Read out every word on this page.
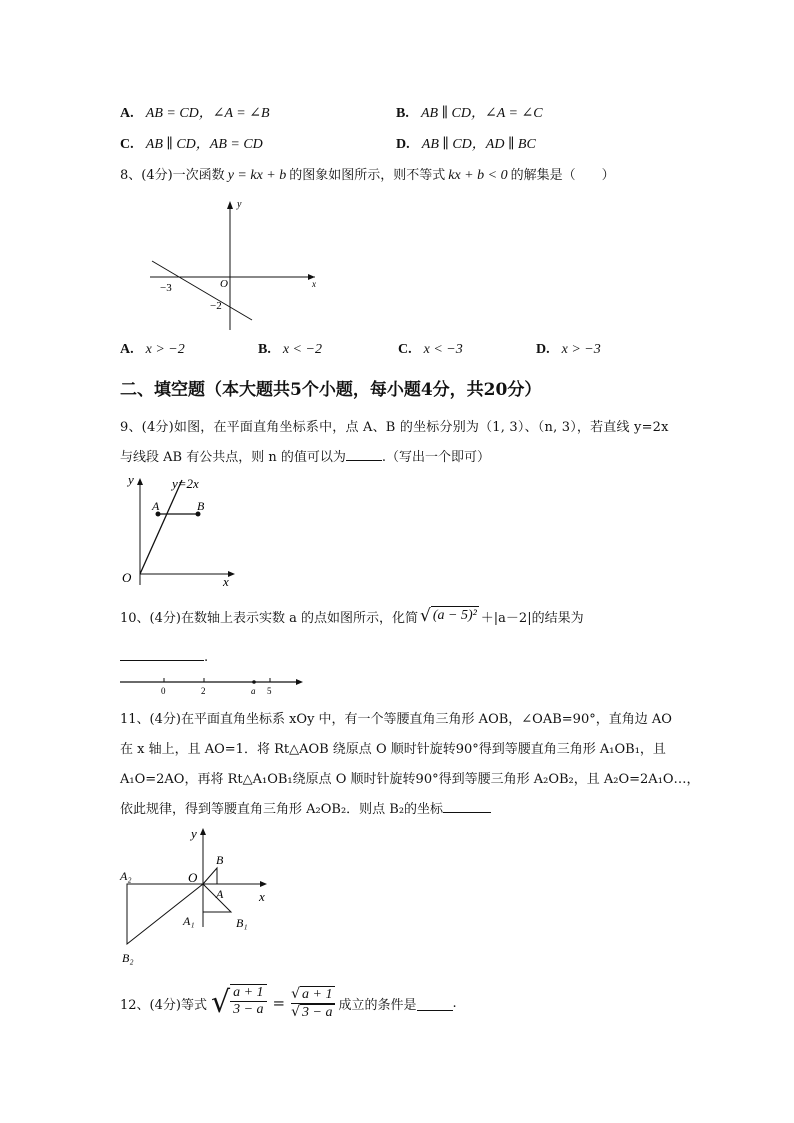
A. AB = CD，∠A = ∠B	B. AB ∥ CD，∠A = ∠C
C. AB ∥ CD，AB = CD	D. AB ∥ CD，AD ∥ BC
8、(4分)一次函数 y = kx + b 的图象如图所示，则不等式 kx + b < 0 的解集是（　　）
y
x
O
−3
−2
A. x > −2	B. x < −2	C. x < −3	D. x > −3
二、填空题（本大题共5个小题，每小题4分，共20分）
9、(4分)如图，在平面直角坐标系中，点 A、B 的坐标分别为（1, 3）、（n, 3），若直线 y=2x
与线段 AB 有公共点，则 n 的值可以为	.（写出一个即可）
y
x
O
y=2x
A	B
10、(4分)在数轴上表示实数 a 的点如图所示，化简 √ (a − 5)² ＋|a－2|的结果为
.
0	2	a 5
11、(4分)在平面直角坐标系 xOy 中，有一个等腰直角三角形 AOB，∠OAB=90°，直角边 AO
在 x 轴上，且 AO=1．将 Rt△AOB 绕原点 O 顺时针旋转90°得到等腰直角三角形 A₁OB₁，且
A₁O=2AO，再将 Rt△A₁OB₁绕原点 O 顺时针旋转90°得到等腰三角形 A₂OB₂，且 A₂O=2A₁O…，
依此规律，得到等腰直角三角形 A₂OB₂．则点 B₂的坐标
y
x
O
B
A
A₁	B₁
A₂
B₂
12、(4分)等式 √ $\frac{a + 1}{3 - a} = \frac{√ a + 1}{√ 3 - a}$ 成立的条件是	.
